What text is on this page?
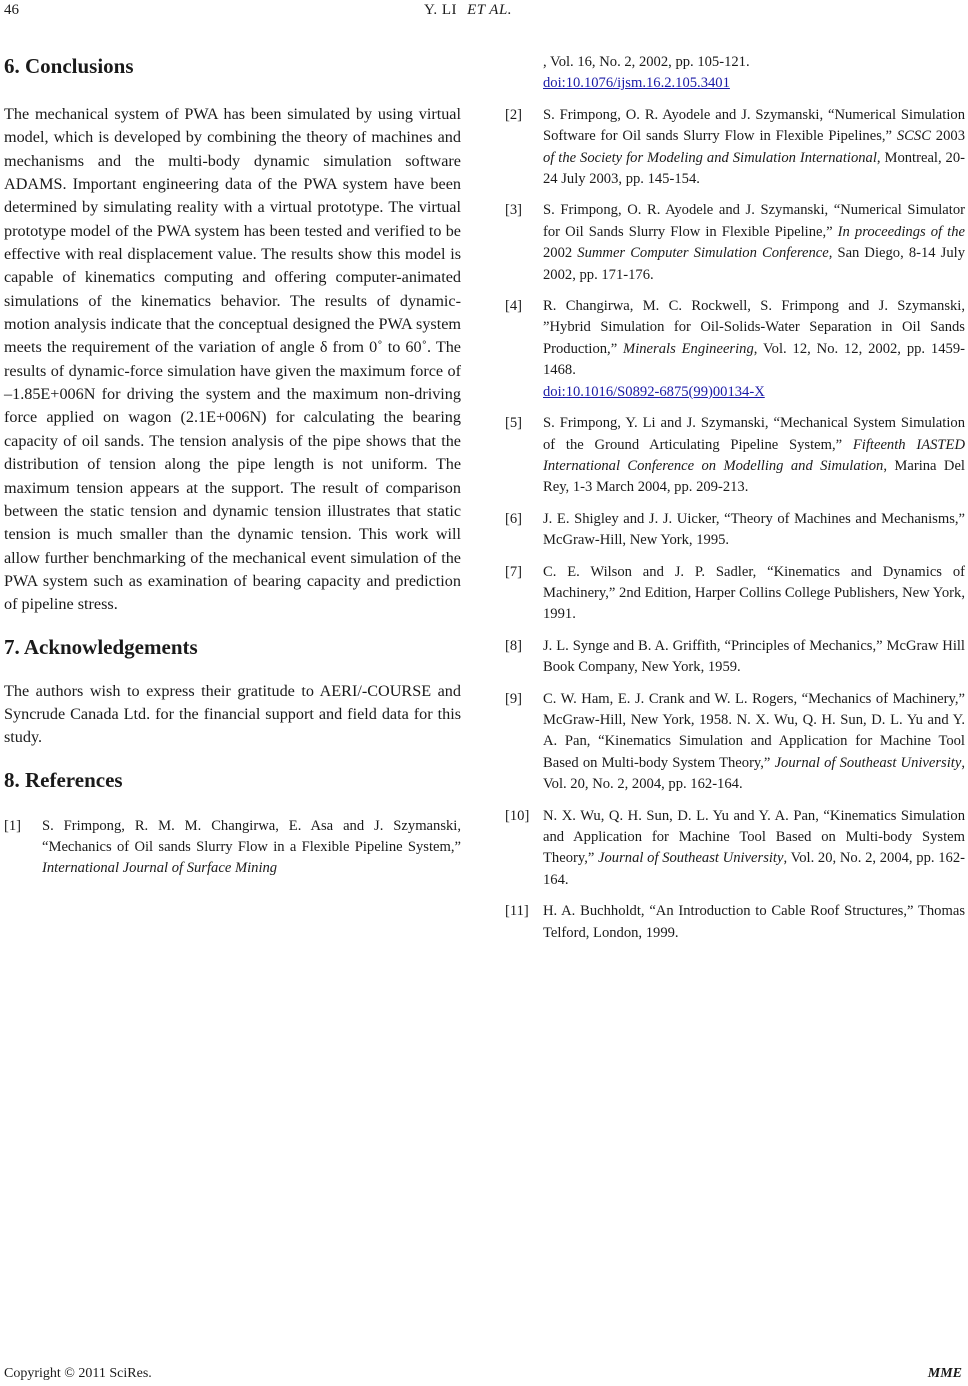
46	Y. LI ET AL.
6. Conclusions

The mechanical system of PWA has been simulated by using virtual model, which is developed by combining the theory of machines and mechanisms and the multi-body dynamic simulation software ADAMS. Important engineering data of the PWA system have been determined by simulating reality with a virtual prototype. The virtual prototype model of the PWA system has been tested and verified to be effective with real displacement value. The results show this model is capable of kinematics computing and offering computer-animated simulations of the kinematics behavior. The results of dynamic-motion analysis indicate that the conceptual designed the PWA system meets the requirement of the variation of angle δ from 0˚ to 60˚. The results of dynamic-force simulation have given the maximum force of –1.85E+006N for driving the system and the maximum non-driving force applied on wagon (2.1E+006N) for calculating the bearing capacity of oil sands. The tension analysis of the pipe shows that the distribution of tension along the pipe length is not uniform. The maximum tension appears at the support. The result of comparison between the static tension and dynamic tension illustrates that static tension is much smaller than the dynamic tension. This work will allow further benchmarking of the mechanical event simulation of the PWA system such as examination of bearing capacity and prediction of pipeline stress.

7. Acknowledgements

The authors wish to express their gratitude to AERI/-COURSE and Syncrude Canada Ltd. for the financial support and field data for this study.

8. References

[1] S. Frimpong, R. M. M. Changirwa, E. Asa and J. Szymanski, “Mechanics of Oil sands Slurry Flow in a Flexible Pipeline System,” International Journal of Surface Mining

, Vol. 16, No. 2, 2002, pp. 105-121.
doi:10.1076/ijsm.16.2.105.3401

[2] S. Frimpong, O. R. Ayodele and J. Szymanski, “Numerical Simulation Software for Oil sands Slurry Flow in Flexible Pipelines,” SCSC 2003 of the Society for Modeling and Simulation International, Montreal, 20-24 July 2003, pp. 145-154.

[3] S. Frimpong, O. R. Ayodele and J. Szymanski, “Numerical Simulator for Oil Sands Slurry Flow in Flexible Pipeline,” In proceedings of the 2002 Summer Computer Simulation Conference, San Diego, 8-14 July 2002, pp. 171-176.

[4] R. Changirwa, M. C. Rockwell, S. Frimpong and J. Szymanski, ”Hybrid Simulation for Oil-Solids-Water Separation in Oil Sands Production,” Minerals Engineering, Vol. 12, No. 12, 2002, pp. 1459-1468.
doi:10.1016/S0892-6875(99)00134-X

[5] S. Frimpong, Y. Li and J. Szymanski, “Mechanical System Simulation of the Ground Articulating Pipeline System,” Fifteenth IASTED International Conference on Modelling and Simulation, Marina Del Rey, 1-3 March 2004, pp. 209-213.

[6] J. E. Shigley and J. J. Uicker, “Theory of Machines and Mechanisms,” McGraw-Hill, New York, 1995.

[7] C. E. Wilson and J. P. Sadler, “Kinematics and Dynamics of Machinery,” 2nd Edition, Harper Collins College Publishers, New York, 1991.

[8] J. L. Synge and B. A. Griffith, “Principles of Mechanics,” McGraw Hill Book Company, New York, 1959.

[9] C. W. Ham, E. J. Crank and W. L. Rogers, “Mechanics of Machinery,” McGraw-Hill, New York, 1958. N. X. Wu, Q. H. Sun, D. L. Yu and Y. A. Pan, “Kinematics Simulation and Application for Machine Tool Based on Multi-body System Theory,” Journal of Southeast University, Vol. 20, No. 2, 2004, pp. 162-164.

[10] N. X. Wu, Q. H. Sun, D. L. Yu and Y. A. Pan, “Kinematics Simulation and Application for Machine Tool Based on Multi-body System Theory,” Journal of Southeast University, Vol. 20, No. 2, 2004, pp. 162-164.

[11] H. A. Buchholdt, “An Introduction to Cable Roof Structures,” Thomas Telford, London, 1999.

Copyright © 2011 SciRes.	MME
